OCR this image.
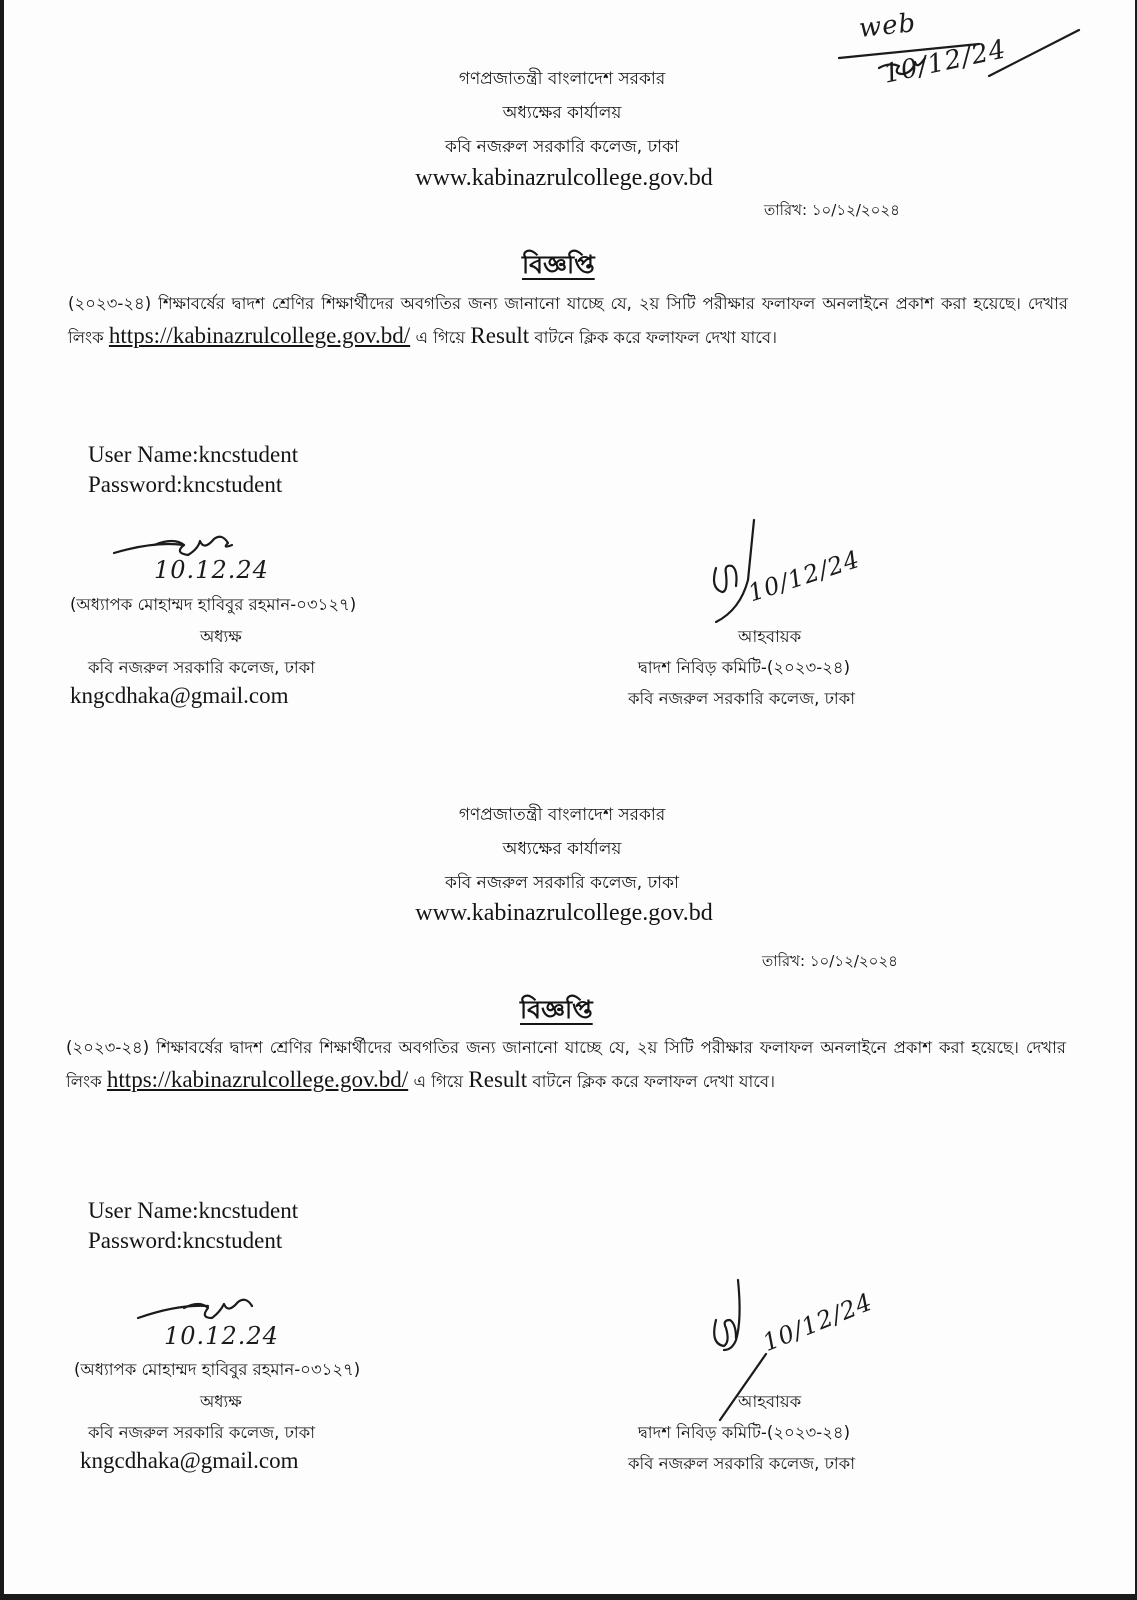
web
10/12/24
গণপ্রজাতন্ত্রী বাংলাদেশ সরকার
অধ্যক্ষের কার্যালয়
কবি নজরুল সরকারি কলেজ, ঢাকা
www.kabinazrulcollege.gov.bd
তারিখ: ১০/১২/২০২৪
বিজ্ঞপ্তি
(২০২৩-২৪) শিক্ষাবর্ষের দ্বাদশ শ্রেণির শিক্ষার্থীদের অবগতির জন্য জানানো যাচ্ছে যে, ২য় সিটি পরীক্ষার ফলাফল অনলাইনে প্রকাশ করা হয়েছে। দেখার লিংক https://kabinazrulcollege.gov.bd/ এ গিয়ে Result বাটনে ক্লিক করে ফলাফল দেখা যাবে।
User Name:kncstudent
Password:kncstudent
10.12.24
(অধ্যাপক মোহাম্মদ হাবিবুর রহমান-০৩১২৭)
অধ্যক্ষ
কবি নজরুল সরকারি কলেজ, ঢাকা
kngcdhaka@gmail.com
10/12/24
আহবায়ক
দ্বাদশ নিবিড় কমিটি-(২০২৩-২৪)
কবি নজরুল সরকারি কলেজ, ঢাকা
গণপ্রজাতন্ত্রী বাংলাদেশ সরকার
অধ্যক্ষের কার্যালয়
কবি নজরুল সরকারি কলেজ, ঢাকা
www.kabinazrulcollege.gov.bd
তারিখ: ১০/১২/২০২৪
বিজ্ঞপ্তি
(২০২৩-২৪) শিক্ষাবর্ষের দ্বাদশ শ্রেণির শিক্ষার্থীদের অবগতির জন্য জানানো যাচ্ছে যে, ২য় সিটি পরীক্ষার ফলাফল অনলাইনে প্রকাশ করা হয়েছে। দেখার লিংক https://kabinazrulcollege.gov.bd/ এ গিয়ে Result বাটনে ক্লিক করে ফলাফল দেখা যাবে।
User Name:kncstudent
Password:kncstudent
10.12.24
(অধ্যাপক মোহাম্মদ হাবিবুর রহমান-০৩১২৭)
অধ্যক্ষ
কবি নজরুল সরকারি কলেজ, ঢাকা
kngcdhaka@gmail.com
10/12/24
আহবায়ক
দ্বাদশ নিবিড় কমিটি-(২০২৩-২৪)
কবি নজরুল সরকারি কলেজ, ঢাকা
